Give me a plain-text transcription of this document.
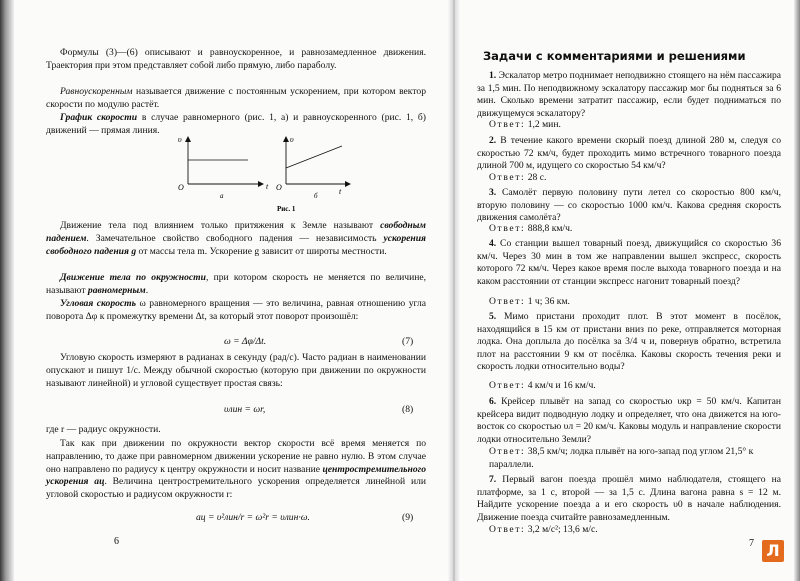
Формулы (3)—(6) описывают и равноускоренное, и равнозамедленное движения. Траектория при этом представляет собой либо прямую, либо параболу.

Равноускоренным называется движение с постоянным ускорением, при котором вектор скорости по модулю растёт.

График скорости в случае равномерного (рис. 1, а) и равноускоренного (рис. 1, б) движений — прямая линия.

υ
O	t
а
υ
O	t
б
Рис. 1

Движение тела под влиянием только притяжения к Земле называют свободным падением. Замечательное свойство свободного падения — независимость ускорения свободного падения g от массы тела m. Ускорение g зависит от широты местности.

Движение тела по окружности, при котором скорость не меняется по величине, называют равномерным.

Угловая скорость ω равномерного вращения — это величина, равная отношению угла поворота Δφ к промежутку времени Δt, за который этот поворот произошёл:

ω = Δφ/Δt.	(7)

Угловую скорость измеряют в радианах в секунду (рад/с). Часто радиан в наименовании опускают и пишут 1/с. Между обычной скоростью (которую при движении по окружности называют линейной) и угловой существует простая связь:

υлин = ωr,	(8)

где r — радиус окружности.

Так как при движении по окружности вектор скорости всё время меняется по направлению, то даже при равномерном движении ускорение не равно нулю. В этом случае оно направлено по радиусу к центру окружности и носит название центростремительного ускорения aц. Величина центростремительного ускорения определяется линейной или угловой скоростью и радиусом окружности r:

aц = υ²лин/r = ω²r = υлин·ω.	(9)
6
Задачи с комментариями и решениями

1. Эскалатор метро поднимает неподвижно стоящего на нём пассажира за 1,5 мин. По неподвижному эскалатору пассажир мог бы подняться за 6 мин. Сколько времени затратит пассажир, если будет подниматься по движущемуся эскалатору?

Ответ: 1,2 мин.

2. В течение какого времени скорый поезд длиной 280 м, следуя со скоростью 72 км/ч, будет проходить мимо встречного товарного поезда длиной 700 м, идущего со скоростью 54 км/ч?

Ответ: 28 с.

3. Самолёт первую половину пути летел со скоростью 800 км/ч, вторую половину — со скоростью 1000 км/ч. Какова средняя скорость движения самолёта?

Ответ: 888,8 км/ч.

4. Со станции вышел товарный поезд, движущийся со скоростью 36 км/ч. Через 30 мин в том же направлении вышел экспресс, скорость которого 72 км/ч. Через какое время после выхода товарного поезда и на каком расстоянии от станции экспресс нагонит товарный поезд?

Ответ: 1 ч; 36 км.

5. Мимо пристани проходит плот. В этот момент в посёлок, находящийся в 15 км от пристани вниз по реке, отправляется моторная лодка. Она доплыла до посёлка за 3/4 ч и, повернув обратно, встретила плот на расстоянии 9 км от посёлка. Каковы скорость течения реки и скорость лодки относительно воды?

Ответ: 4 км/ч и 16 км/ч.

6. Крейсер плывёт на запад со скоростью υкр = 50 км/ч. Капитан крейсера видит подводную лодку и определяет, что она движется на юго-восток со скоростью υл = 20 км/ч. Каковы модуль и направление скорости лодки относительно Земли?

Ответ: 38,5 км/ч; лодка плывёт на юго-запад под углом 21,5° к параллели.

7. Первый вагон поезда прошёл мимо наблюдателя, стоящего на платформе, за 1 с, второй — за 1,5 с. Длина вагона равна s = 12 м. Найдите ускорение поезда a и его скорость υ0 в начале наблюдения. Движение поезда считайте равнозамедленным.

Ответ: 3,2 м/с²; 13,6 м/с.
7 Л
